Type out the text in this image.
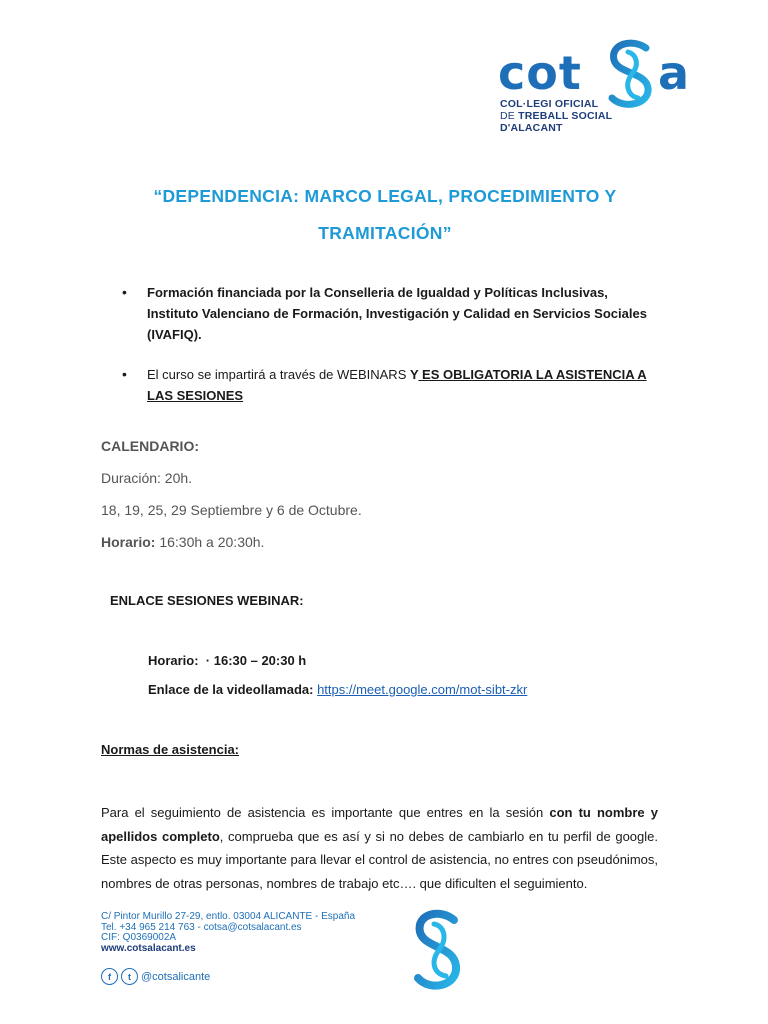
cot a
COL·LEGI OFICIAL
DE TREBALL SOCIAL
D'ALACANT
“DEPENDENCIA: MARCO LEGAL, PROCEDIMIENTO Y
TRAMITACIÓN”
• Formación financiada por la Conselleria de Igualdad y Políticas Inclusivas, Instituto Valenciano de Formación, Investigación y Calidad en Servicios Sociales (IVAFIQ).
• El curso se impartirá a través de WEBINARS Y ES OBLIGATORIA LA ASISTENCIA A LAS SESIONES
CALENDARIO:
Duración: 20h.
18, 19, 25, 29 Septiembre y 6 de Octubre.
Horario: 16:30h a 20:30h.
ENLACE SESIONES WEBINAR:
Horario: · 16:30 – 20:30 h
Enlace de la videollamada: https://meet.google.com/mot-sibt-zkr
Normas de asistencia:
Para el seguimiento de asistencia es importante que entres en la sesión con tu nombre y apellidos completo, comprueba que es así y si no debes de cambiarlo en tu perfil de google. Este aspecto es muy importante para llevar el control de asistencia, no entres con pseudónimos, nombres de otras personas, nombres de trabajo etc…. que dificulten el seguimiento.
C/ Pintor Murillo 27-29, entlo. 03004 ALICANTE - España
Tel. +34 965 214 763 - cotsa@cotsalacant.es
CIF: Q0369002A
www.cotsalacant.es
f	t @cotsalicante
